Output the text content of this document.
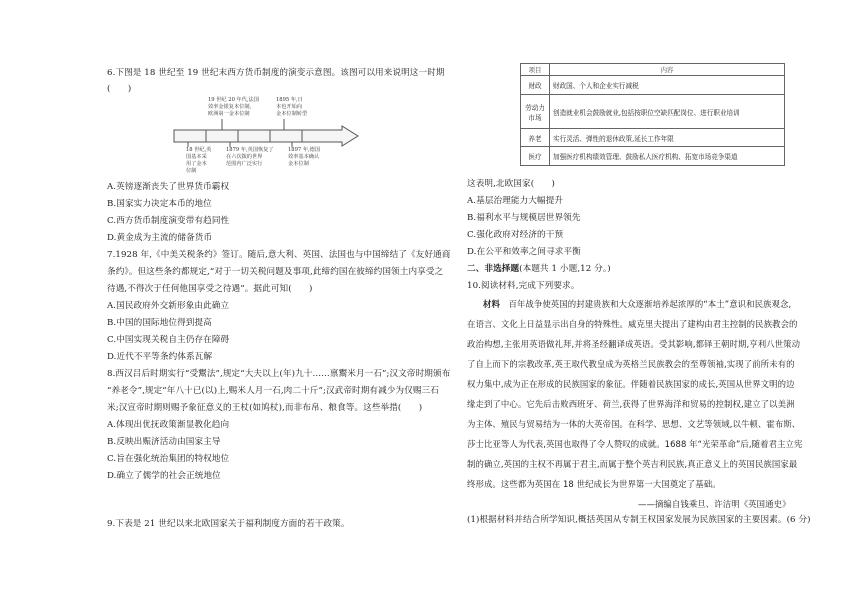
6.下图是 18 世纪至 19 世纪末西方货币制度的演变示意图。该图可以用来说明这一时期
(　　)
19 世纪 20 年代,法国
效率金银复本位制,
欧洲第一金本位制
1895 年,日
本也开始向
金本位制转型
18 世纪,英
国基本采
用了金本
位制
1879 年,英国恢复了
在六次拨的世界
范围内广泛实行
1897 年,德国
效率基本确认
金本位制
A.英镑逐渐丧失了世界货币霸权
B.国家实力决定本币的地位
C.西方货币制度演变带有趋同性
D.黄金成为主流的储备货币
7.1928 年,《中美关税条约》签订。随后,意大利、英国、法国也与中国缔结了《友好通商
条约》。但这些条约都规定,“对于一切关税问题及事项,此缔约国在彼缔约国领土内享受之
待遇,不得次于任何他国享受之待遇”。据此可知(　　)
A.国民政府外交新形象由此确立
B.中国的国际地位得到提高
C.中国实现关税自主仍存在障碍
D.近代不平等条约体系瓦解
8.西汉吕后时期实行“受鬻法”,规定“大夫以上(年)九十……禀鬻米月一石”;汉文帝时期颁布
“养老令”,规定“年八十已(以)上,赐米人月一石,肉二十斤”;汉武帝时期有减少为仅赐三石
米;汉宣帝时期则赐予象征意义的王杖(如鸠杖),而非布帛、粮食等。这些举措(　　)
A.体现出优抚政策渐显教化趋向
B.反映出赈济活动由国家主导
C.旨在强化统治集团的特权地位
D.确立了儒学的社会正统地位
9.下表是 21 世纪以来北欧国家关于福利制度方面的若干政策。
项目	内容
财政	财政国、个人和企业实行减税
劳动力市场	创造就业机会鼓励就业,包括按职位空缺匹配岗位、进行职业培训
养老	实行灵活、弹性的退休政策,延长工作年限
医疗	加强医疗机构绩效管理、鼓励私人医疗机构、拓宽市场竞争渠道
这表明,北欧国家(　　)
A.基层治理能力大幅提升
B.福利水平与规模居世界领先
C.强化政府对经济的干预
D.在公平和效率之间寻求平衡
二、非选择题(本题共 1 小题,12 分。)
10.阅读材料,完成下列要求。
材料  百年战争使英国的封建贵族和大众逐渐培养起浓厚的“本土”意识和民族观念,
在语言、文化上日益显示出自身的特殊性。威克里夫提出了建构由君主控制的民族教会的
政治构想,主张用英语做礼拜,并将圣经翻译成英语。受其影响,都铎王朝时期,亨利八世策动
了自上而下的宗教改革,英王取代教皇成为英格兰民族教会的至尊领袖,实现了前所未有的
权力集中,成为正在形成的民族国家的象征。伴随着民族国家的成长,英国从世界文明的边
缘走到了中心。它先后击败西班牙、荷兰,获得了世界海洋和贸易的控制权,建立了以美洲
为主体、殖民与贸易结为一体的大英帝国。在科学、思想、文艺等领域,以牛顿、霍布斯、
莎士比亚等人为代表,英国也取得了令人赞叹的成就。1688 年“光荣革命”后,随着君主立宪
制的确立,英国的主权不再属于君主,而属于整个英吉利民族,真正意义上的英国民族国家最
终形成。这些都为英国在 18 世纪成长为世界第一大国奠定了基础。
——摘编自钱乘旦、许洁明《英国通史》
(1)根据材料并结合所学知识,概括英国从专制王权国家发展为民族国家的主要因素。(6 分)
